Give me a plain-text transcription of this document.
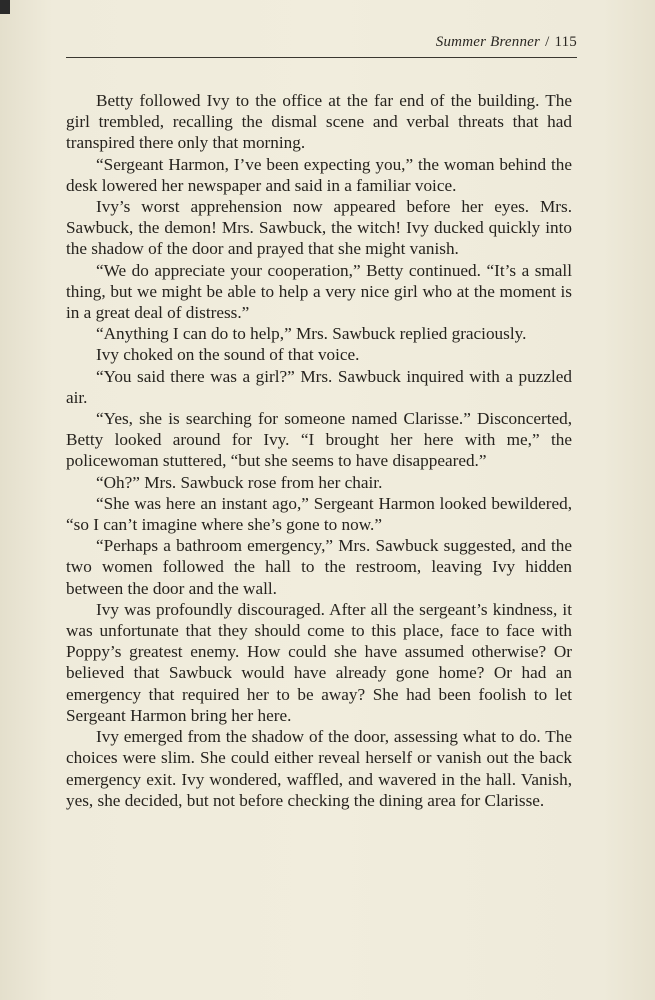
Summer Brenner / 115

Betty followed Ivy to the office at the far end of the building. The girl trembled, recalling the dismal scene and verbal threats that had transpired there only that morning.

“Sergeant Harmon, I’ve been expecting you,” the woman behind the desk lowered her newspaper and said in a familiar voice.

Ivy’s worst apprehension now appeared before her eyes. Mrs. Sawbuck, the demon! Mrs. Sawbuck, the witch! Ivy ducked quickly into the shadow of the door and prayed that she might vanish.

“We do appreciate your cooperation,” Betty continued. “It’s a small thing, but we might be able to help a very nice girl who at the moment is in a great deal of distress.”

“Anything I can do to help,” Mrs. Sawbuck replied graciously.

Ivy choked on the sound of that voice.

“You said there was a girl?” Mrs. Sawbuck inquired with a puzzled air.

“Yes, she is searching for someone named Clarisse.” Disconcerted, Betty looked around for Ivy. “I brought her here with me,” the policewoman stuttered, “but she seems to have disappeared.”

“Oh?” Mrs. Sawbuck rose from her chair.

“She was here an instant ago,” Sergeant Harmon looked bewildered, “so I can’t imagine where she’s gone to now.”

“Perhaps a bathroom emergency,” Mrs. Sawbuck suggested, and the two women followed the hall to the restroom, leaving Ivy hidden between the door and the wall.

Ivy was profoundly discouraged. After all the sergeant’s kindness, it was unfortunate that they should come to this place, face to face with Poppy’s greatest enemy. How could she have assumed otherwise? Or believed that Sawbuck would have already gone home? Or had an emergency that required her to be away? She had been foolish to let Sergeant Harmon bring her here.

Ivy emerged from the shadow of the door, assessing what to do. The choices were slim. She could either reveal herself or vanish out the back emergency exit. Ivy wondered, waffled, and wavered in the hall. Vanish, yes, she decided, but not before checking the dining area for Clarisse.
